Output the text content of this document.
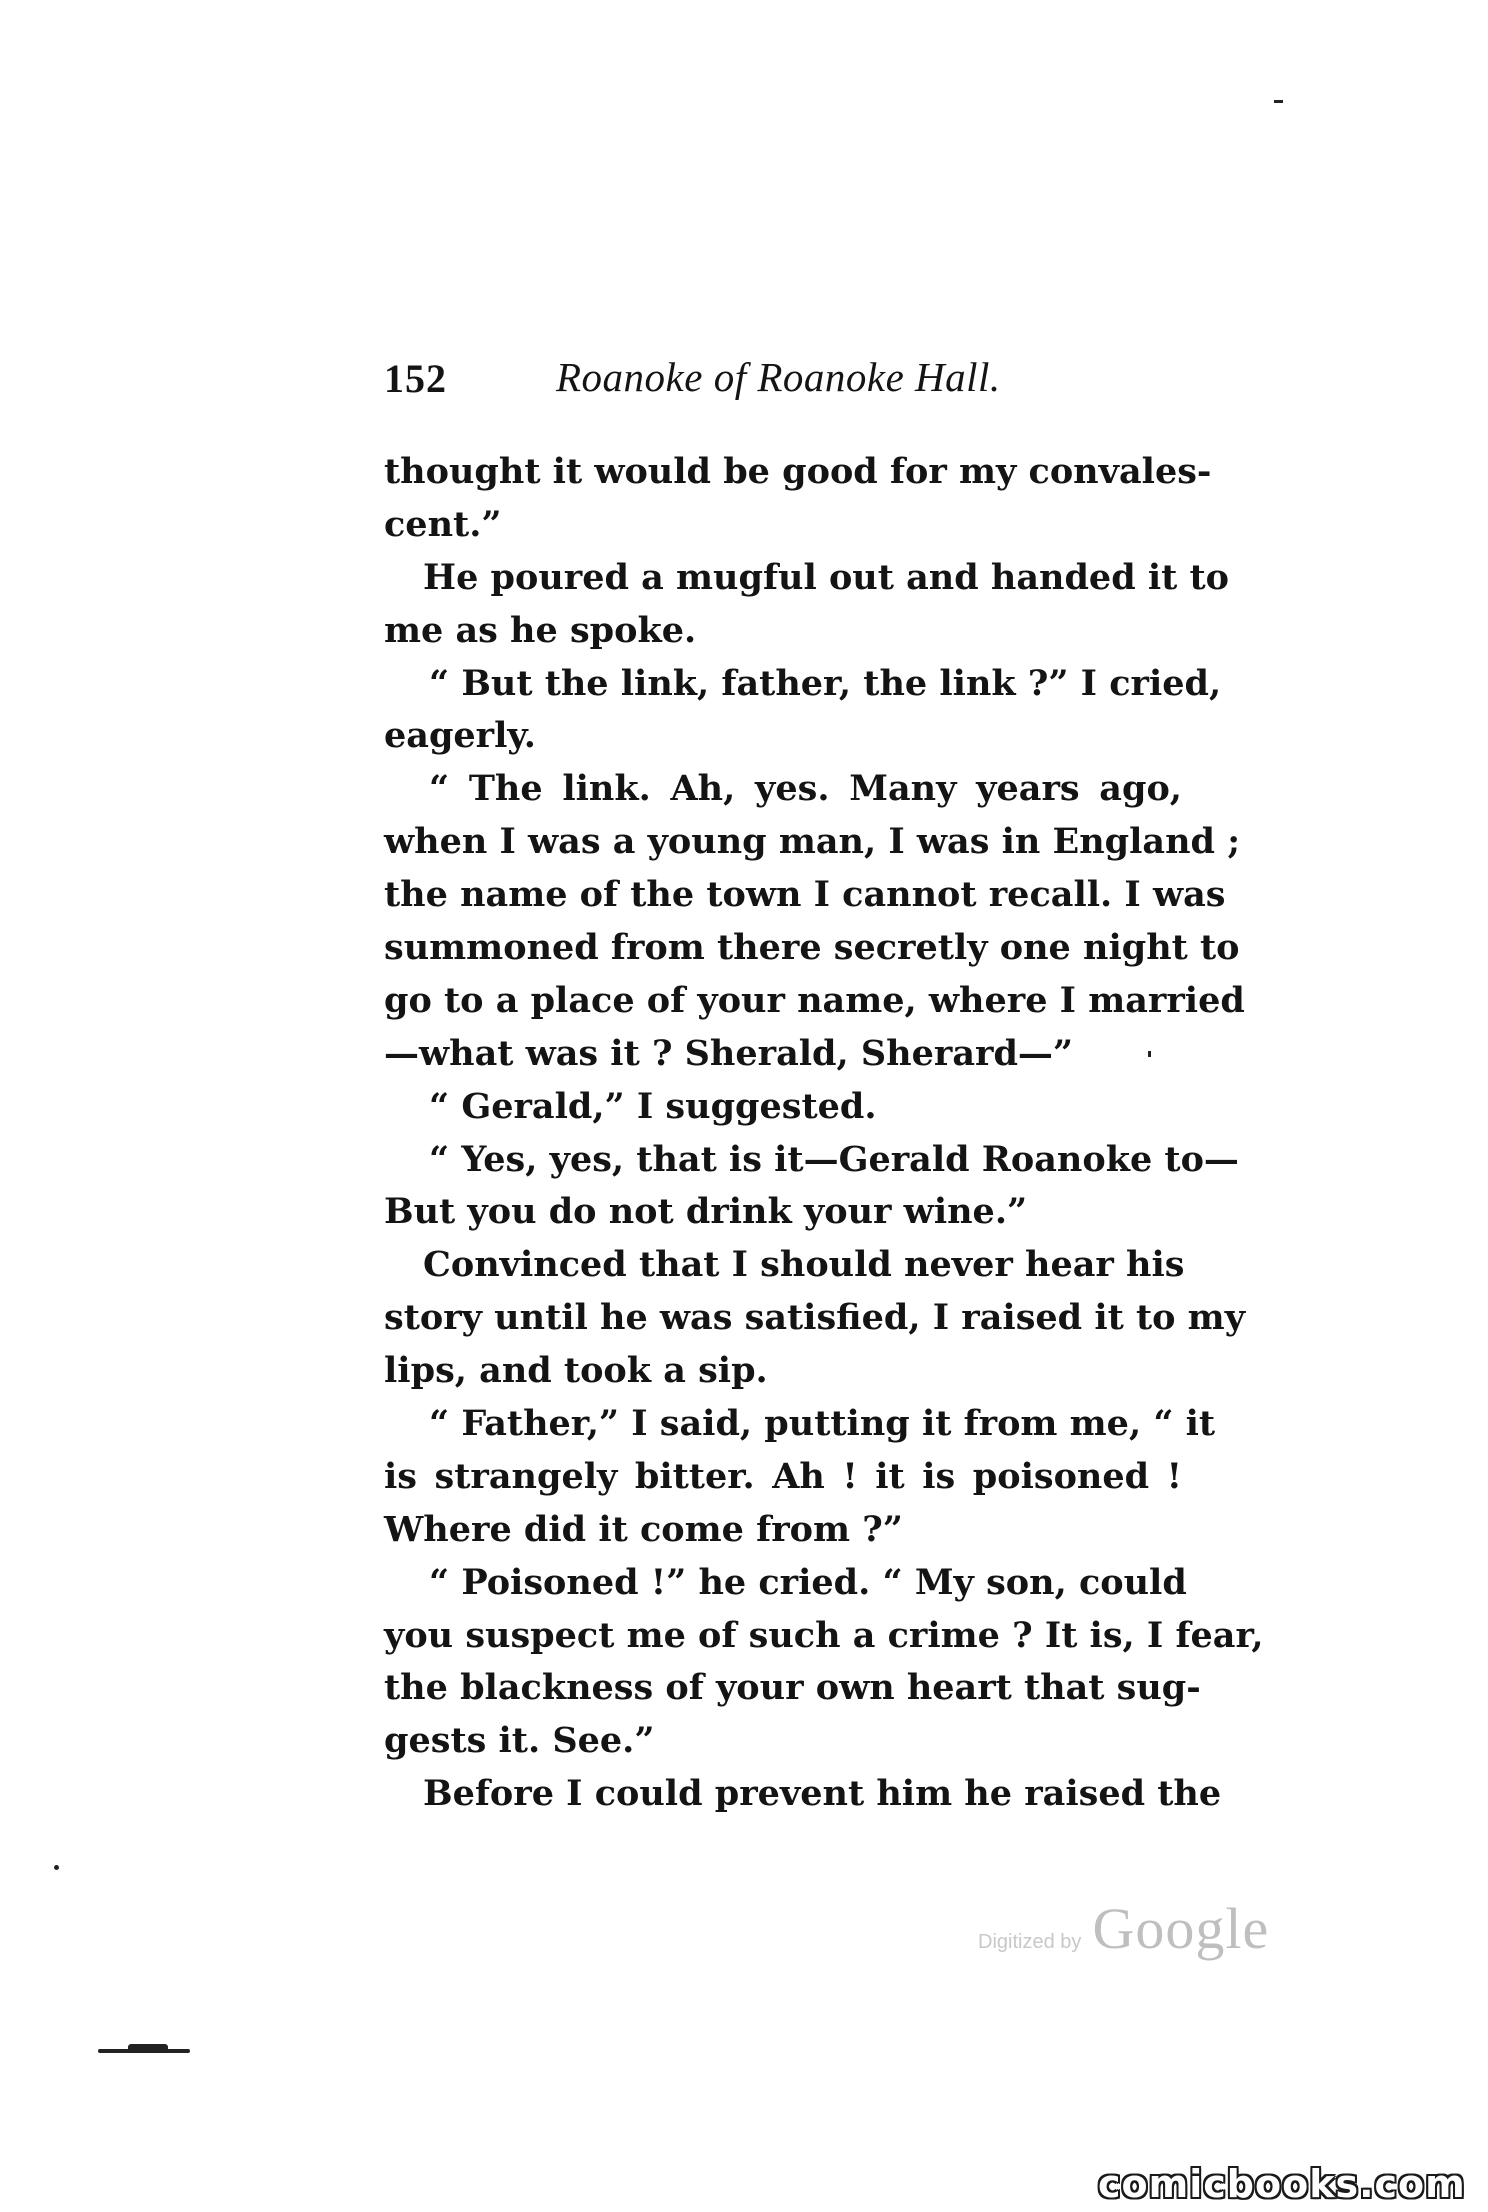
152	Roanoke of Roanoke Hall.
thought it would be good for my convales-
cent.”
He poured a mugful out and handed it to
me as he spoke.
“ But the link, father, the link ?” I cried,
eagerly.
“ The link. Ah, yes. Many years ago,
when I was a young man, I was in England ;
the name of the town I cannot recall. I was
summoned from there secretly one night to
go to a place of your name, where I married
—what was it ? Sherald, Sherard—”
“ Gerald,” I suggested.
“ Yes, yes, that is it—Gerald Roanoke to—
But you do not drink your wine.”
Convinced that I should never hear his
story until he was satisfied, I raised it to my
lips, and took a sip.
“ Father,” I said, putting it from me, “ it
is strangely bitter. Ah ! it is poisoned !
Where did it come from ?”
“ Poisoned !” he cried. “ My son, could
you suspect me of such a crime ? It is, I fear,
the blackness of your own heart that sug-
gests it. See.”
Before I could prevent him he raised the
Digitized by Google
comicbooks.com
